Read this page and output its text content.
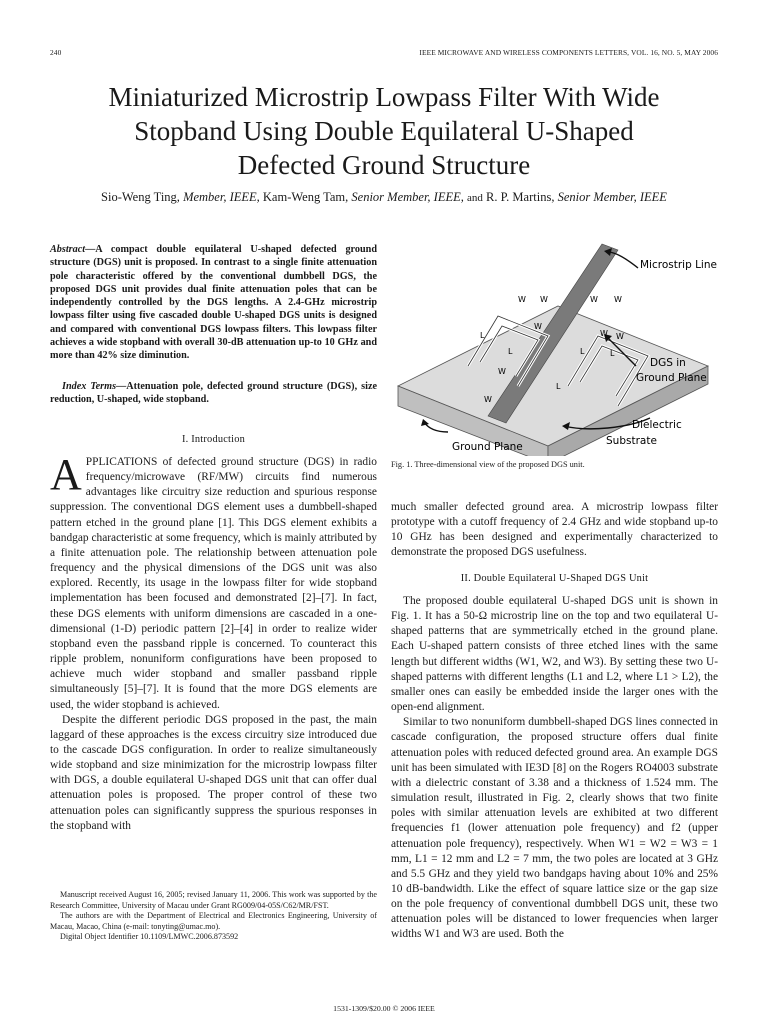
240	IEEE MICROWAVE AND WIRELESS COMPONENTS LETTERS, VOL. 16, NO. 5, MAY 2006
Miniaturized Microstrip Lowpass Filter With Wide
Stopband Using Double Equilateral U-Shaped
Defected Ground Structure
Sio-Weng Ting, Member, IEEE, Kam-Weng Tam, Senior Member, IEEE, and R. P. Martins, Senior Member, IEEE
Abstract—A compact double equilateral U-shaped defected ground structure (DGS) unit is proposed. In contrast to a single finite attenuation pole characteristic offered by the conventional dumbbell DGS, the proposed DGS unit provides dual finite attenuation poles that can be independently controlled by the DGS lengths. A 2.4-GHz microstrip lowpass filter using five cascaded double U-shaped DGS units is designed and compared with conventional DGS lowpass filters. This lowpass filter achieves a wide stopband with overall 30-dB attenuation up-to 10 GHz and more than 42% size diminution.
Index Terms—Attenuation pole, defected ground structure (DGS), size reduction, U-shaped, wide stopband.
I. Introduction
APPLICATIONS of defected ground structure (DGS) in radio frequency/microwave (RF/MW) circuits find numerous advantages like circuitry size reduction and spurious response suppression. The conventional DGS element uses a dumbbell-shaped pattern etched in the ground plane [1]. This DGS element exhibits a bandgap characteristic at some frequency, which is mainly attributed by a finite attenuation pole. The relationship between attenuation pole frequency and the physical dimensions of the DGS unit was also explored. Recently, its usage in the lowpass filter for wide stopband implementation has been focused and demonstrated [2]–[7]. In fact, these DGS elements with uniform dimensions are cascaded in a one-dimensional (1-D) periodic pattern [2]–[4] in order to realize wider stopband even the passband ripple is concerned. To counteract this ripple problem, nonuniform configurations have been proposed to achieve much wider stopband and smaller passband ripple simultaneously [5]–[7]. It is found that the more DGS elements are used, the wider stopband is achieved.
Despite the different periodic DGS proposed in the past, the main laggard of these approaches is the excess circuitry size introduced due to the cascade DGS configuration. In order to realize simultaneously wide stopband and size minimization for the microstrip lowpass filter with DGS, a double equilateral U-shaped DGS unit that can offer dual attenuation poles is proposed. The proper control of these two attenuation poles can significantly suppress the spurious responses in the stopband with
Manuscript received August 16, 2005; revised January 11, 2006. This work was supported by the Research Committee, University of Macau under Grant RG009/04-05S/C62/MR/FST.
The authors are with the Department of Electrical and Electronics Engineering, University of Macau, Macao, China (e-mail: tonyting@umac.mo).
Digital Object Identifier 10.1109/LMWC.2006.873592
Microstrip Line
DGS in
Ground Plane
Dielectric
Substrate
Ground Plane
W W	W W
W
W
W W
W
L
L	L
L
L
Fig. 1. Three-dimensional view of the proposed DGS unit.
much smaller defected ground area. A microstrip lowpass filter prototype with a cutoff frequency of 2.4 GHz and wide stopband up-to 10 GHz has been designed and experimentally characterized to demonstrate the proposed DGS usefulness.
II. Double Equilateral U-Shaped DGS Unit
The proposed double equilateral U-shaped DGS unit is shown in Fig. 1. It has a 50-Ω microstrip line on the top and two equilateral U-shaped patterns that are symmetrically etched in the ground plane. Each U-shaped pattern consists of three etched lines with the same length but different widths (W1, W2, and W3). By setting these two U-shaped patterns with different lengths (L1 and L2, where L1 > L2), the smaller ones can easily be embedded inside the larger ones with the open-end alignment.
Similar to two nonuniform dumbbell-shaped DGS lines connected in cascade configuration, the proposed structure offers dual finite attenuation poles with reduced defected ground area. An example DGS unit has been simulated with IE3D [8] on the Rogers RO4003 substrate with a dielectric constant of 3.38 and a thickness of 1.524 mm. The simulation result, illustrated in Fig. 2, clearly shows that two finite poles with similar attenuation levels are exhibited at two different frequencies f1 (lower attenuation pole frequency) and f2 (upper attenuation pole frequency), respectively. When W1 = W2 = W3 = 1 mm, L1 = 12 mm and L2 = 7 mm, the two poles are located at 3 GHz and 5.5 GHz and they yield two bandgaps having about 10% and 25% 10 dB-bandwidth. Like the effect of square lattice size or the gap size on the pole frequency of conventional dumbbell DGS unit, these two attenuation poles will be distanced to lower frequencies when larger widths W1 and W3 are used. Both the
1531-1309/$20.00 © 2006 IEEE
